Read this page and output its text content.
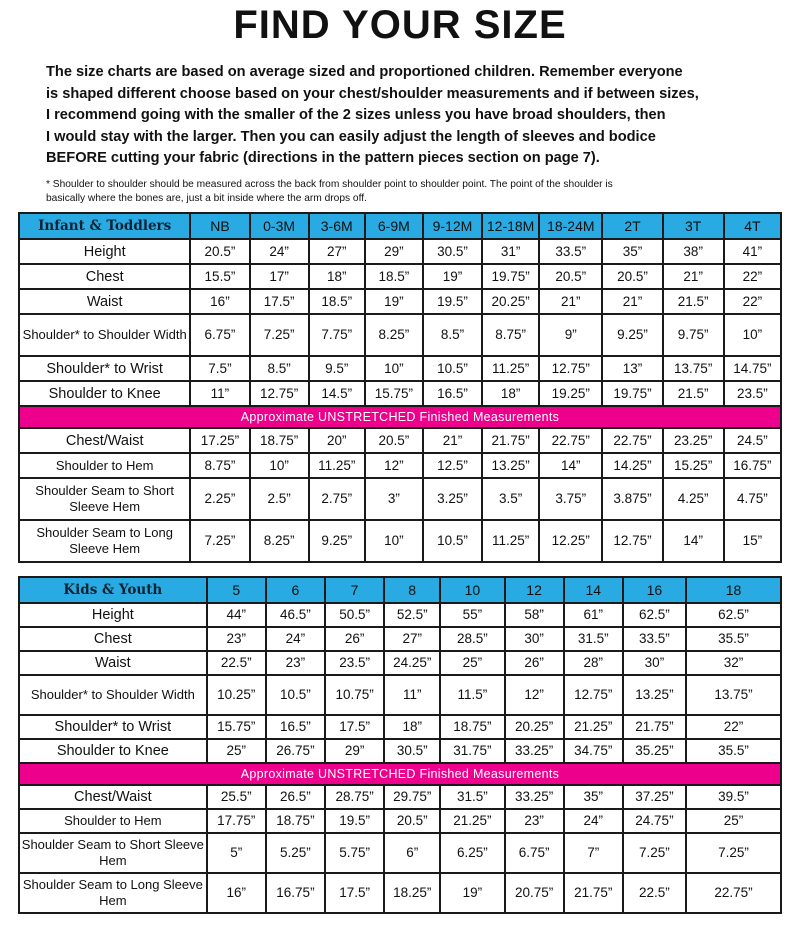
FIND YOUR SIZE
The size charts are based on average sized and proportioned children. Remember everyone
is shaped different choose based on your chest/shoulder measurements and if between sizes,
I recommend going with the smaller of the 2 sizes unless you have broad shoulders, then
I would stay with the larger. Then you can easily adjust the length of sleeves and bodice
BEFORE cutting your fabric (directions in the pattern pieces section on page 7).
* Shoulder to shoulder should be measured across the back from shoulder point to shoulder point. The point of the shoulder is
basically where the bones are, just a bit inside where the arm drops off.
Infant & Toddlers	NB	0-3M	3-6M	6-9M	9-12M	12-18M	18-24M	2T	3T	4T
Height	20.5”	24”	27”	29”	30.5”	31”	33.5”	35”	38”	41”
Chest	15.5”	17”	18”	18.5”	19”	19.75”	20.5”	20.5”	21”	22”
Waist	16”	17.5”	18.5”	19”	19.5”	20.25”	21”	21”	21.5”	22”
Shoulder* to Shoulder Width	6.75”	7.25”	7.75”	8.25”	8.5”	8.75”	9”	9.25”	9.75”	10”
Shoulder* to Wrist	7.5”	8.5”	9.5”	10”	10.5”	11.25”	12.75”	13”	13.75”	14.75”
Shoulder to Knee	11”	12.75”	14.5”	15.75”	16.5”	18”	19.25”	19.75”	21.5”	23.5”
Approximate UNSTRETCHED Finished Measurements										
Chest/Waist	17.25”	18.75”	20”	20.5”	21”	21.75”	22.75”	22.75”	23.25”	24.5”
Shoulder to Hem	8.75”	10”	11.25”	12”	12.5”	13.25”	14”	14.25”	15.25”	16.75”
Shoulder Seam to Short Sleeve Hem	2.25”	2.5”	2.75”	3”	3.25”	3.5”	3.75”	3.875”	4.25”	4.75”
Shoulder Seam to Long Sleeve Hem	7.25”	8.25”	9.25”	10”	10.5”	11.25”	12.25”	12.75”	14”	15”
Kids & Youth	5	6	7	8	10	12	14	16	18
Height	44”	46.5”	50.5”	52.5”	55”	58”	61”	62.5”	62.5”
Chest	23”	24”	26”	27”	28.5”	30”	31.5”	33.5”	35.5”
Waist	22.5”	23”	23.5”	24.25”	25”	26”	28”	30”	32”
Shoulder* to Shoulder Width	10.25”	10.5”	10.75”	11”	11.5”	12”	12.75”	13.25”	13.75”
Shoulder* to Wrist	15.75”	16.5”	17.5”	18”	18.75”	20.25”	21.25”	21.75”	22”
Shoulder to Knee	25”	26.75”	29”	30.5”	31.75”	33.25”	34.75”	35.25”	35.5”
Approximate UNSTRETCHED Finished Measurements									
Chest/Waist	25.5”	26.5”	28.75”	29.75”	31.5”	33.25”	35”	37.25”	39.5”
Shoulder to Hem	17.75”	18.75”	19.5”	20.5”	21.25”	23”	24”	24.75”	25”
Shoulder Seam to Short Sleeve Hem	5”	5.25”	5.75”	6”	6.25”	6.75”	7”	7.25”	7.25”
Shoulder Seam to Long Sleeve Hem	16”	16.75”	17.5”	18.25”	19”	20.75”	21.75”	22.5”	22.75”
